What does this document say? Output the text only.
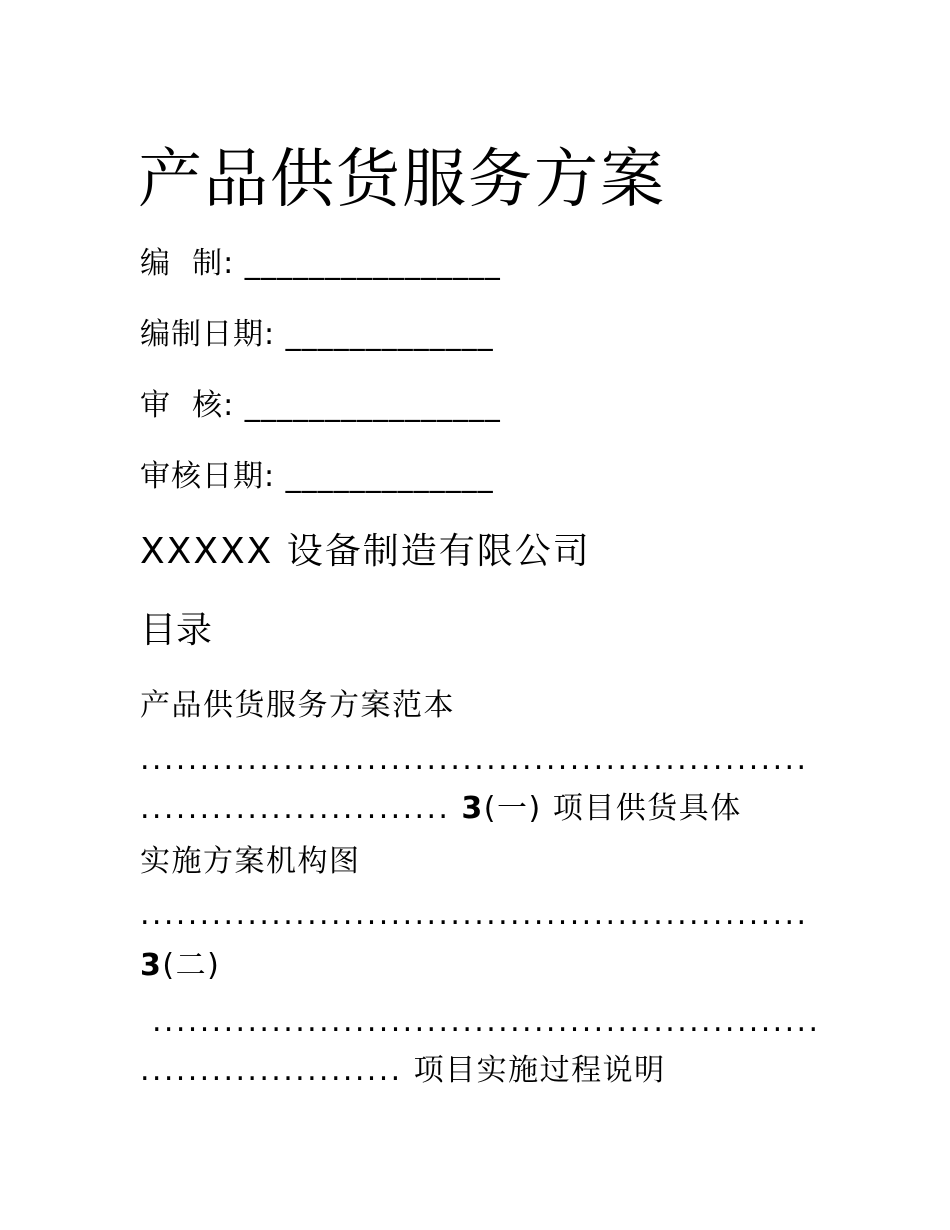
产品供货服务方案
编  制: ________________
编制日期: _____________
审  核: ________________
审核日期: _____________
XXXXX 设备制造有限公司
目录
产品供货服务方案范本
........................................................
.......................... 3(一) 项目供货具体
实施方案机构图
........................................................
3(二)
........................................................
...................... 项目实施过程说明
